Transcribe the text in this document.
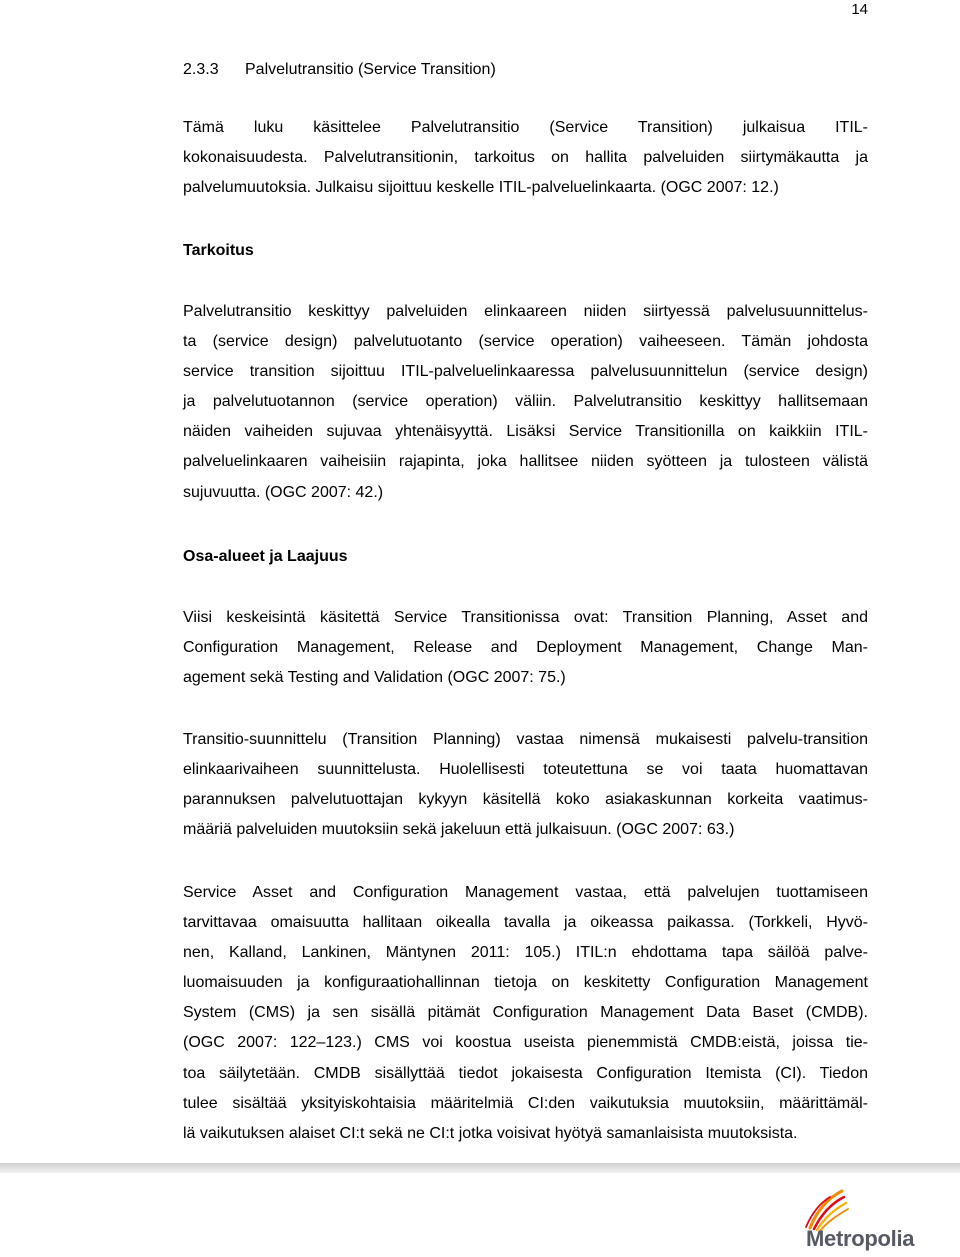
14
2.3.3 Palvelutransitio (Service Transition)
Tämä luku käsittelee Palvelutransitio (Service Transition) julkaisua ITIL-
kokonaisuudesta. Palvelutransitionin, tarkoitus on hallita palveluiden siirtymäkautta ja
palvelumuutoksia. Julkaisu sijoittuu keskelle ITIL-palveluelinkaarta. (OGC 2007: 12.)
Tarkoitus
Palvelutransitio keskittyy palveluiden elinkaareen niiden siirtyessä palvelusuunnittelus-
ta (service design) palvelutuotanto (service operation) vaiheeseen. Tämän johdosta
service transition sijoittuu ITIL-palveluelinkaaressa palvelusuunnittelun (service design)
ja palvelutuotannon (service operation) väliin. Palvelutransitio keskittyy hallitsemaan
näiden vaiheiden sujuvaa yhtenäisyyttä. Lisäksi Service Transitionilla on kaikkiin ITIL-
palveluelinkaaren vaiheisiin rajapinta, joka hallitsee niiden syötteen ja tulosteen välistä
sujuvuutta. (OGC 2007: 42.)
Osa-alueet ja Laajuus
Viisi keskeisintä käsitettä Service Transitionissa ovat: Transition Planning, Asset and
Configuration Management, Release and Deployment Management, Change Man-
agement sekä Testing and Validation (OGC 2007: 75.)
Transitio-suunnittelu (Transition Planning) vastaa nimensä mukaisesti palvelu-transition
elinkaarivaiheen suunnittelusta. Huolellisesti toteutettuna se voi taata huomattavan
parannuksen palvelutuottajan kykyyn käsitellä koko asiakaskunnan korkeita vaatimus-
määriä palveluiden muutoksiin sekä jakeluun että julkaisuun. (OGC 2007: 63.)
Service Asset and Configuration Management vastaa, että palvelujen tuottamiseen
tarvittavaa omaisuutta hallitaan oikealla tavalla ja oikeassa paikassa. (Torkkeli, Hyvö-
nen, Kalland, Lankinen, Mäntynen 2011: 105.) ITIL:n ehdottama tapa säilöä palve-
luomaisuuden ja konfiguraatiohallinnan tietoja on keskitetty Configuration Management
System (CMS) ja sen sisällä pitämät Configuration Management Data Baset (CMDB).
(OGC 2007: 122–123.) CMS voi koostua useista pienemmistä CMDB:eistä, joissa tie-
toa säilytetään. CMDB sisällyttää tiedot jokaisesta Configuration Itemista (CI). Tiedon
tulee sisältää yksityiskohtaisia määritelmiä CI:den vaikutuksia muutoksiin, määrittämäl-
lä vaikutuksen alaiset CI:t sekä ne CI:t jotka voisivat hyötyä samanlaisista muutoksista.
Metropolia
